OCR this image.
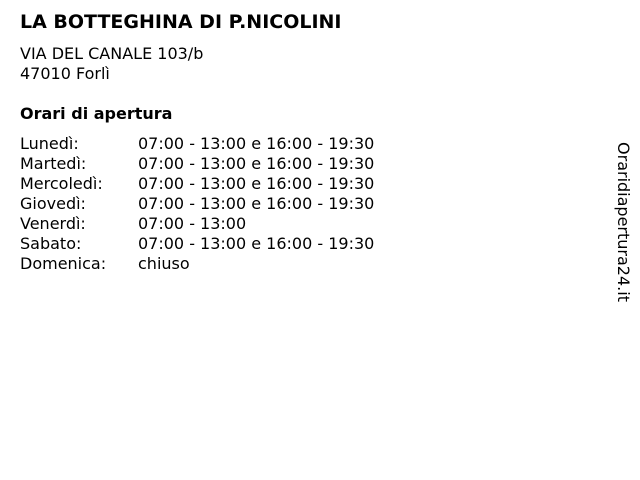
LA BOTTEGHINA DI P.NICOLINI
VIA DEL CANALE 103/b
47010 Forlì
Orari di apertura
Lunedì:	07:00 - 13:00 e 16:00 - 19:30
Martedì:	07:00 - 13:00 e 16:00 - 19:30
Mercoledì: 07:00 - 13:00 e 16:00 - 19:30
Giovedì:	07:00 - 13:00 e 16:00 - 19:30
Venerdì:	07:00 - 13:00
Sabato:	07:00 - 13:00 e 16:00 - 19:30
Domenica: chiuso	Oraridiapertura24.it
